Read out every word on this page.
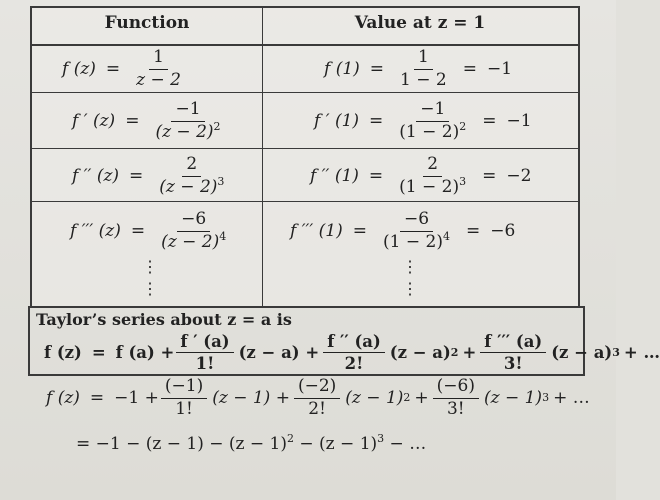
Function	Value at z = 1
f $(z) = \frac{1}{z - 2}$	f $(1) = \frac{1}{1 - 2} = -1$
f ′ $(z) = \frac{-1}{(z - 2)^2}$	f ′ $(1) = \frac{-1}{(1 - 2)^2} = -1$
f ′′ $(z) = \frac{2}{(z - 2)^3}$	f ′′ $(1) = \frac{2}{(1 - 2)^3} = -2$
f ′′′ $(z) = \frac{-6}{(z - 2)^4}$	f ′′′ $(1) = \frac{-6}{(1 - 2)^4} = -6$
⋮
⋮
⋮
⋮
Taylor’s series about z = a is
f (z) = f $(a) + \frac{f ' (a)}{1!} (z - a) + \frac{f '' (a)}{2!} (z - a) 2 + \frac{f ''' (a)}{3!} (z - a) 3$ + …
f $(z) = -1 + \frac{(-1)}{1!} (z - 1) + \frac{(-2)}{2!} (z - 1) 2 + \frac{(-6)}{3!} (z - 1) 3$ + …
= $-1 - (z - 1) - (z - 1)^2 - (z - 1)^3$ − …
